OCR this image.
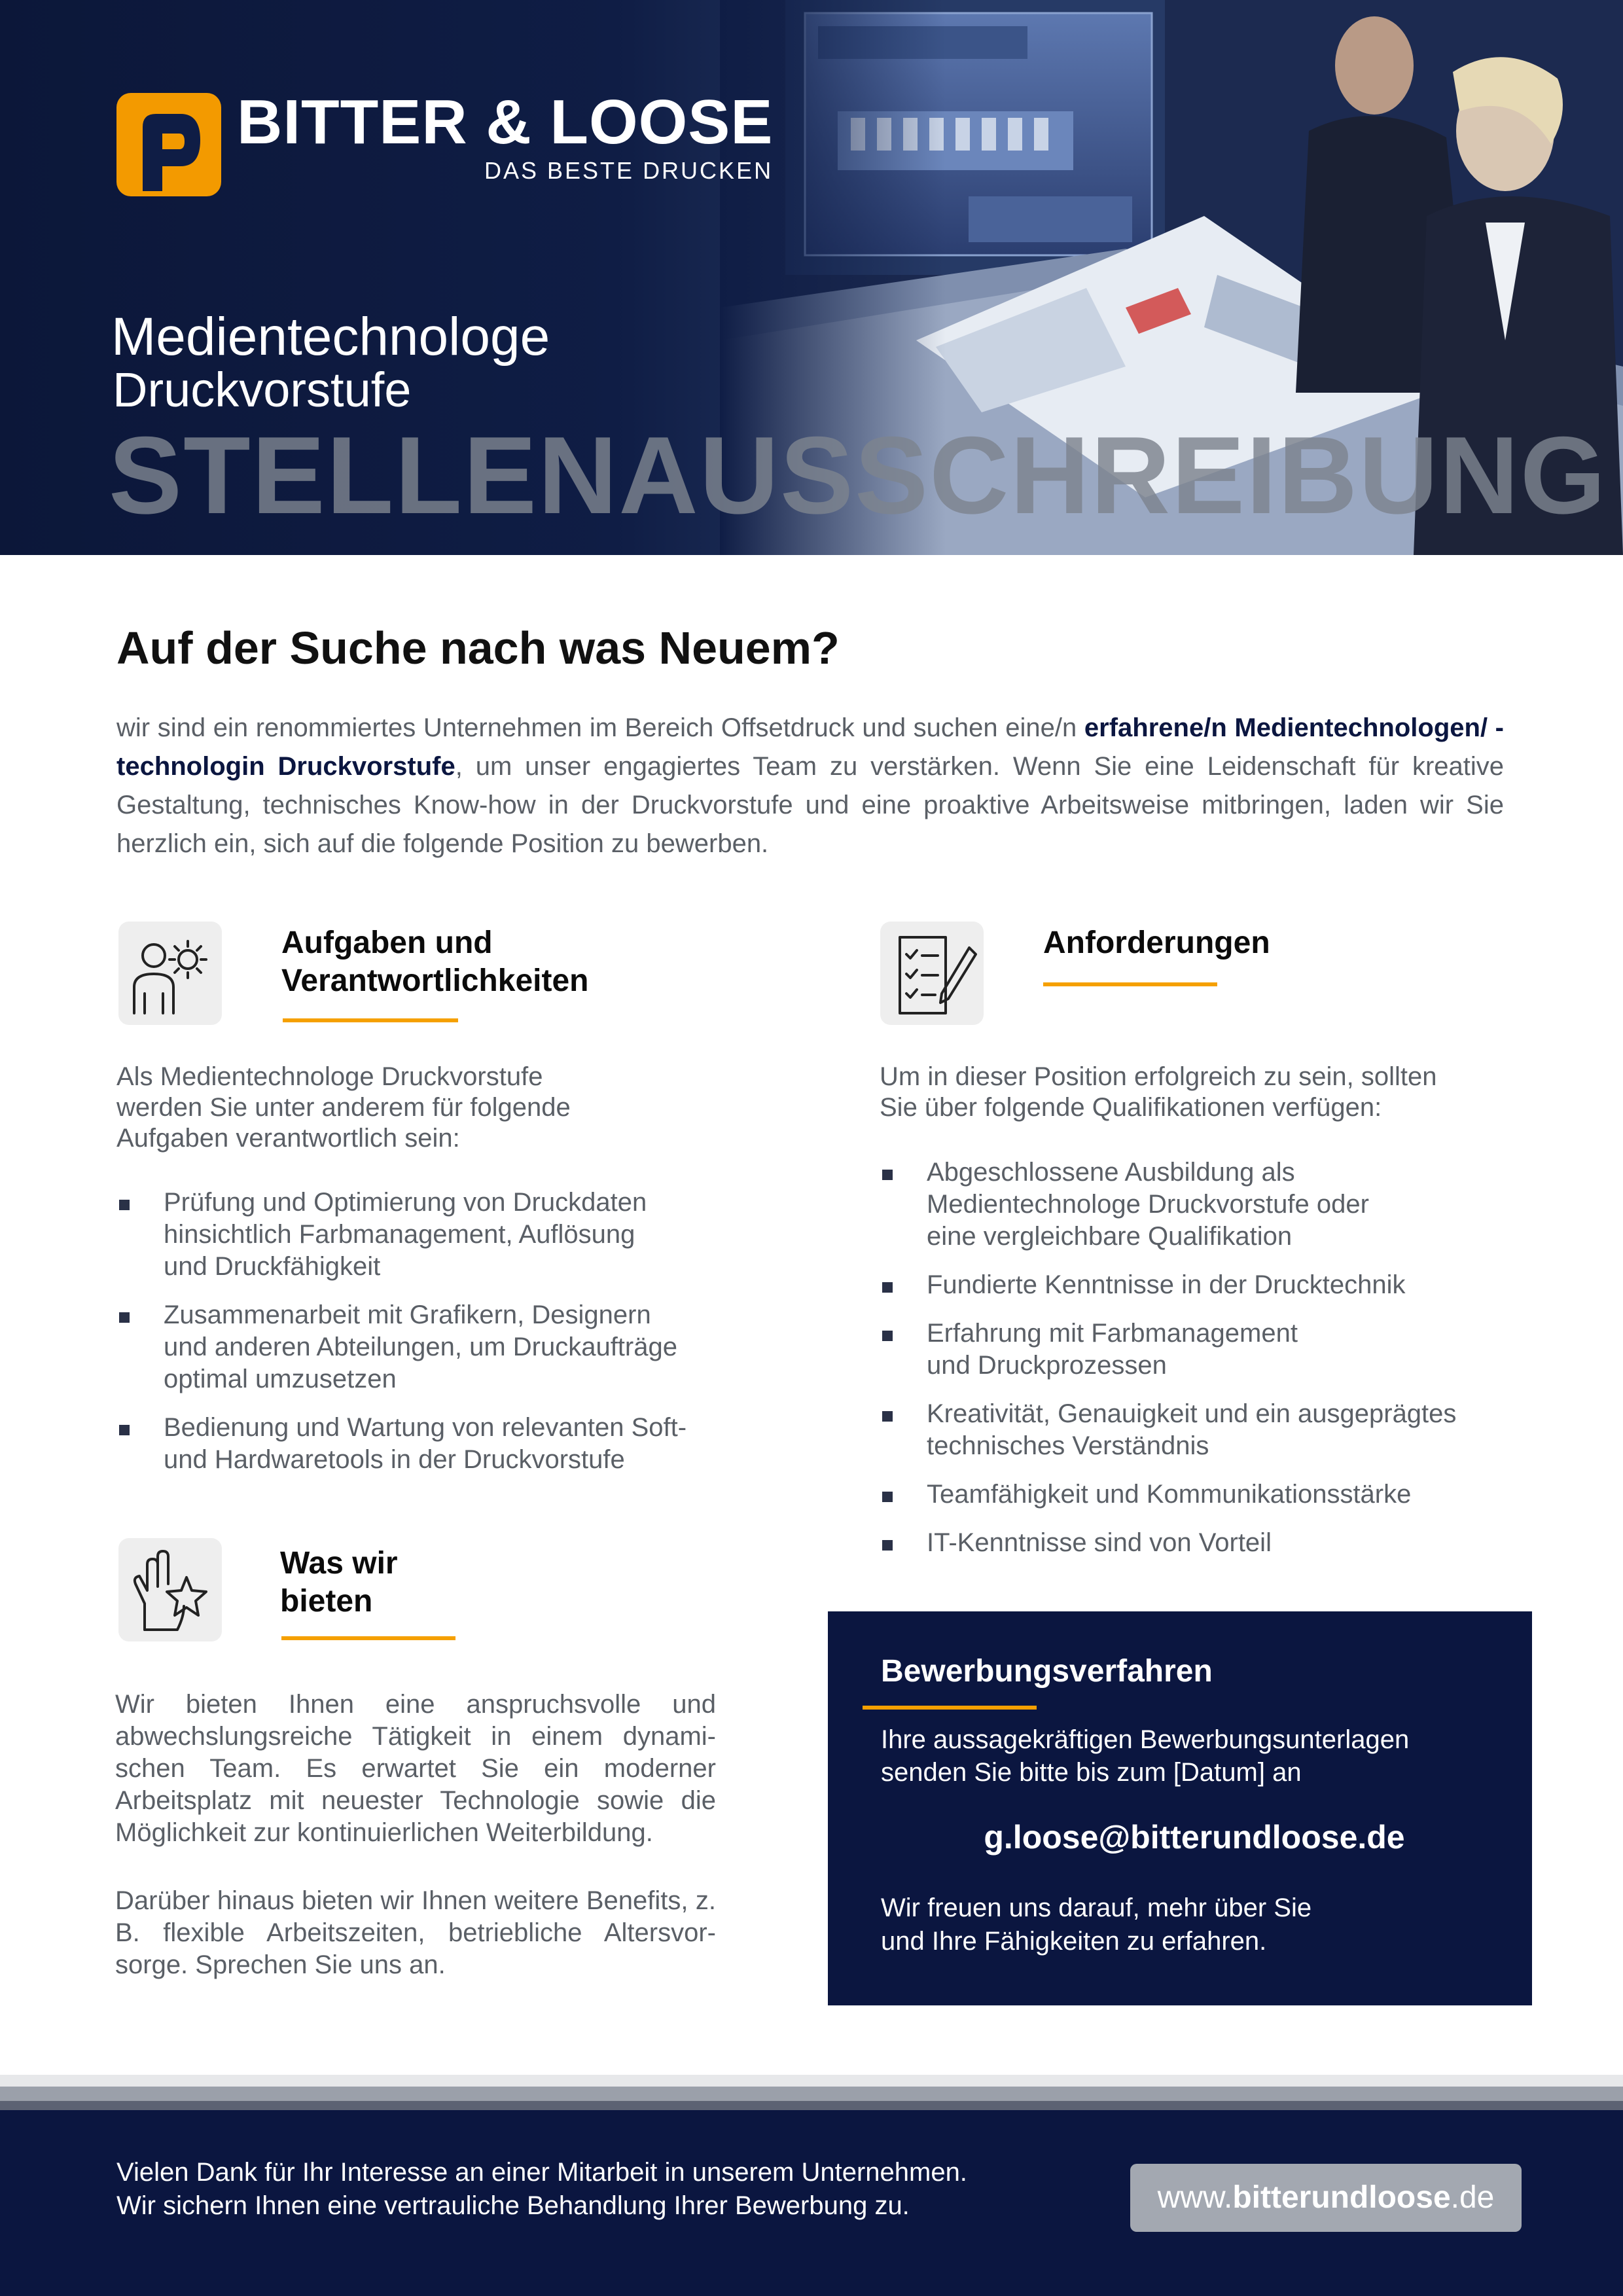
BITTER & LOOSE
DAS BESTE DRUCKEN
Medientechnologe
Druckvorstufe
STELLENAUSSCHREIBUNG
Auf der Suche nach was Neuem?
wir sind ein renommiertes Unternehmen im Bereich Offsetdruck und suchen eine/n erfahrene/n Medientechnologen/ -technologin Druckvorstufe, um unser engagiertes Team zu verstärken. Wenn Sie eine Leidenschaft für kreative Gestaltung, technisches Know-how in der Druckvorstufe und eine proaktive Arbeitsweise mitbringen, laden wir Sie herzlich ein, sich auf die folgende Position zu bewerben.
Aufgaben und
Verantwortlichkeiten
Als Medientechnologe Druckvorstufe
werden Sie unter anderem für folgende
Aufgaben verantwortlich sein:
Prüfung und Optimierung von Druckdaten
hinsichtlich Farbmanagement, Auflösung
und Druckfähigkeit
Zusammenarbeit mit Grafikern, Designern
und anderen Abteilungen, um Druckaufträge
optimal umzusetzen
Bedienung und Wartung von relevanten Soft-
und Hardwaretools in der Druckvorstufe
Anforderungen
Um in dieser Position erfolgreich zu sein, sollten
Sie über folgende Qualifikationen verfügen:
Abgeschlossene Ausbildung als
Medientechnologe Druckvorstufe oder
eine vergleichbare Qualifikation
Fundierte Kenntnisse in der Drucktechnik
Erfahrung mit Farbmanagement
und Druckprozessen
Kreativität, Genauigkeit und ein ausgeprägtes
technisches Verständnis
Teamfähigkeit und Kommunikationsstärke
IT-Kenntnisse sind von Vorteil
Was wir
bieten
Wir bieten Ihnen eine anspruchsvolle und abwechslungsreiche Tätigkeit in einem dynamischen Team. Es erwartet Sie ein moderner Arbeitsplatz mit neuester Technologie sowie die Möglichkeit zur kontinuierlichen Weiterbildung.
Darüber hinaus bieten wir Ihnen weitere Benefits, z. B. flexible Arbeitszeiten, betriebliche Altersvorsorge. Sprechen Sie uns an.
Bewerbungsverfahren
Ihre aussagekräftigen Bewerbungsunterlagen
senden Sie bitte bis zum [Datum] an
g.loose@bitterundloose.de
Wir freuen uns darauf, mehr über Sie
und Ihre Fähigkeiten zu erfahren.
Vielen Dank für Ihr Interesse an einer Mitarbeit in unserem Unternehmen.
Wir sichern Ihnen eine vertrauliche Behandlung Ihrer Bewerbung zu.	www.bitterundloose.de
